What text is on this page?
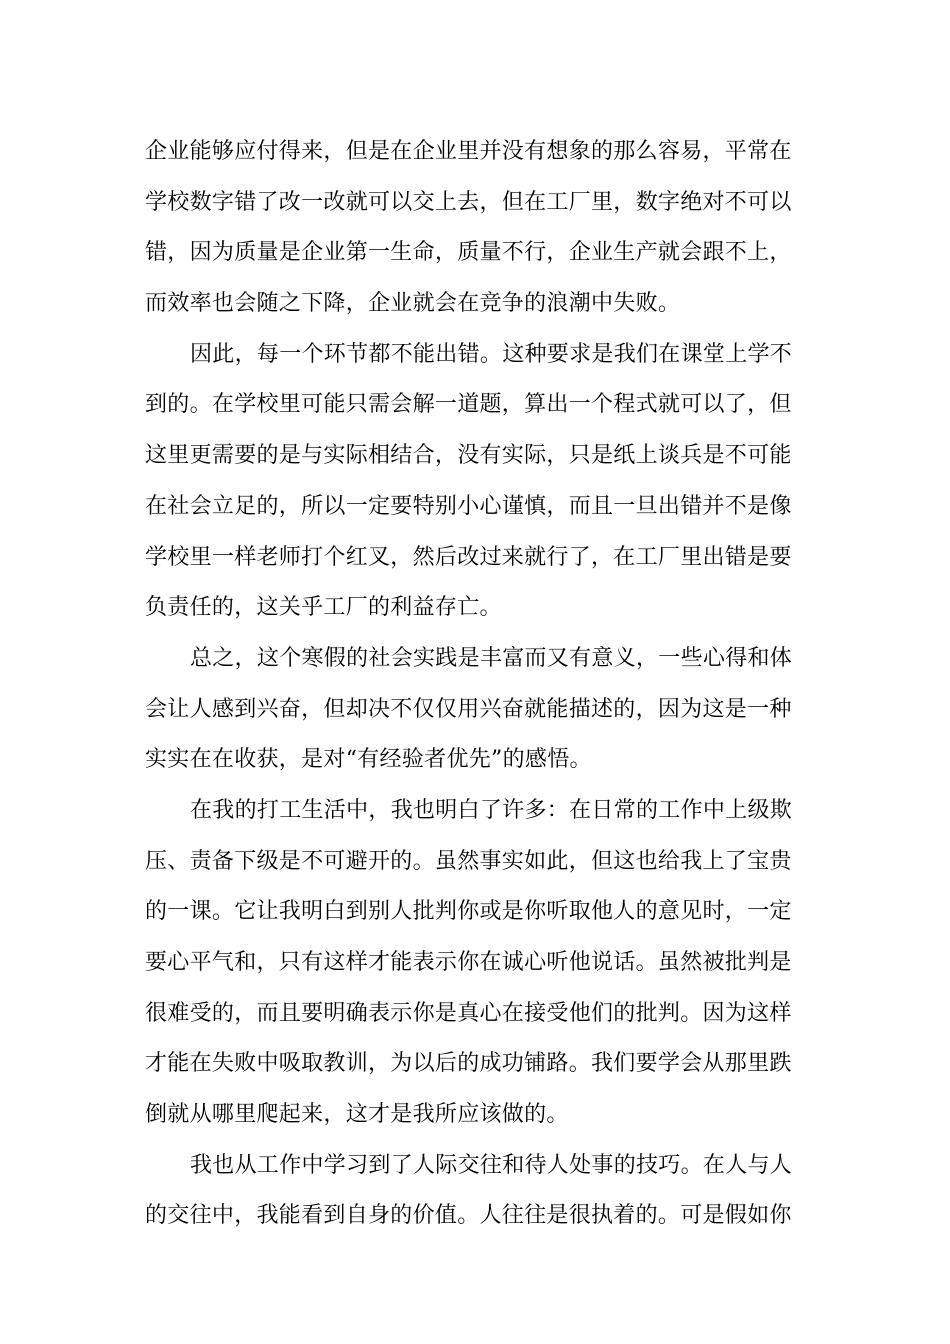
企业能够应付得来，但是在企业里并没有想象的那么容易，平常在
学校数字错了改一改就可以交上去，但在工厂里，数字绝对不可以
错，因为质量是企业第一生命，质量不行，企业生产就会跟不上，
而效率也会随之下降，企业就会在竞争的浪潮中失败。
因此，每一个环节都不能出错。这种要求是我们在课堂上学不
到的。在学校里可能只需会解一道题，算出一个程式就可以了，但
这里更需要的是与实际相结合，没有实际，只是纸上谈兵是不可能
在社会立足的，所以一定要特别小心谨慎，而且一旦出错并不是像
学校里一样老师打个红叉，然后改过来就行了，在工厂里出错是要
负责任的，这关乎工厂的利益存亡。
总之，这个寒假的社会实践是丰富而又有意义，一些心得和体
会让人感到兴奋，但却决不仅仅用兴奋就能描述的，因为这是一种
实实在在收获，是对“有经验者优先”的感悟。
在我的打工生活中，我也明白了许多：在日常的工作中上级欺
压、责备下级是不可避开的。虽然事实如此，但这也给我上了宝贵
的一课。它让我明白到别人批判你或是你听取他人的意见时，一定
要心平气和，只有这样才能表示你在诚心听他说话。虽然被批判是
很难受的，而且要明确表示你是真心在接受他们的批判。因为这样
才能在失败中吸取教训，为以后的成功铺路。我们要学会从那里跌
倒就从哪里爬起来，这才是我所应该做的。
我也从工作中学习到了人际交往和待人处事的技巧。在人与人
的交往中，我能看到自身的价值。人往往是很执着的。可是假如你
